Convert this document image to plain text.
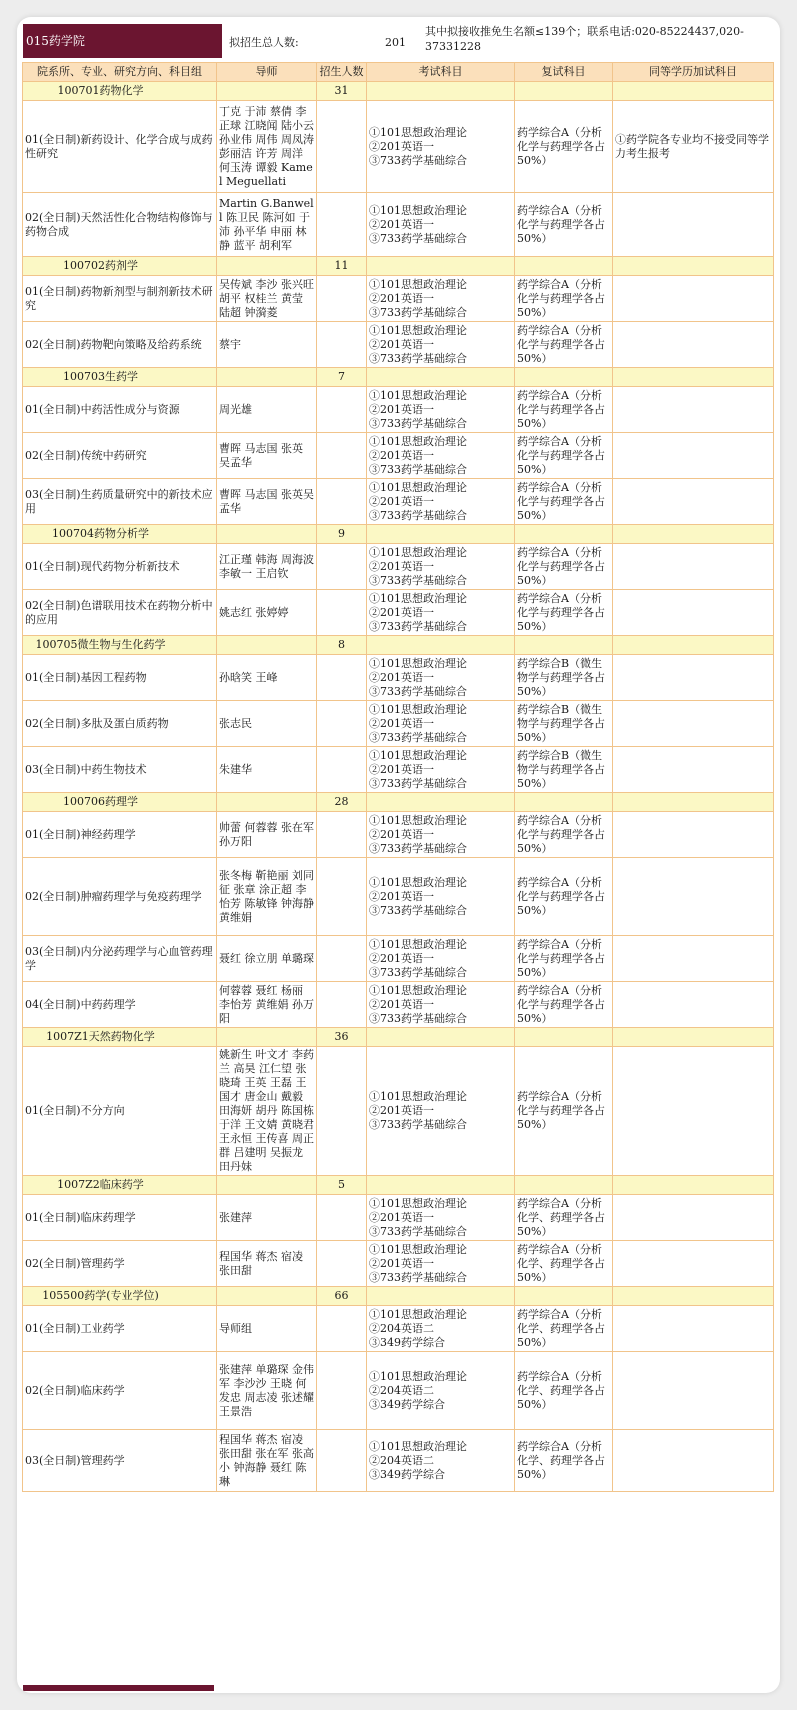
015药学院	拟招生总人数:	201
其中拟接收推免生名额≤139个；联系电话:020-85224437,020-37331228
院系所、专业、研究方向、科目组	导师	招生人数	考试科目	复试科目	同等学历加试科目
100701药物化学		31			
01(全日制)新药设计、化学合成与成药性研究	丁克 于沛 蔡倩 李正球 江晓闻 陆小云 孙业伟 周伟 周凤涛 彭丽洁 许芳 周洋 何玉涛 谭毅 Kamel Meguellati		①101思想政治理论
②201英语一
③733药学基础综合	药学综合A（分析化学与药理学各占50%）	①药学院各专业均不接受同等学力考生报考
02(全日制)天然活性化合物结构修饰与药物合成	Martin G.Banwell 陈卫民 陈河如 于沛 孙平华 申丽 林静 蓝平 胡利军		①101思想政治理论
②201英语一
③733药学基础综合	药学综合A（分析化学与药理学各占50%）	
100702药剂学		11			
01(全日制)药物新剂型与制剂新技术研究	吴传斌 李沙 张兴旺 胡平 权桂兰 黄莹 陆超 钟漪菱		①101思想政治理论
②201英语一
③733药学基础综合	药学综合A（分析化学与药理学各占50%）	
02(全日制)药物靶向策略及给药系统	蔡宇		①101思想政治理论
②201英语一
③733药学基础综合	药学综合A（分析化学与药理学各占50%）	
100703生药学		7			
01(全日制)中药活性成分与资源	周光雄		①101思想政治理论
②201英语一
③733药学基础综合	药学综合A（分析化学与药理学各占50%）	
02(全日制)传统中药研究	曹晖 马志国 张英 吴孟华		①101思想政治理论
②201英语一
③733药学基础综合	药学综合A（分析化学与药理学各占50%）	
03(全日制)生药质量研究中的新技术应用	曹晖 马志国 张英吴孟华		①101思想政治理论
②201英语一
③733药学基础综合	药学综合A（分析化学与药理学各占50%）	
100704药物分析学		9			
01(全日制)现代药物分析新技术	江正瑾 韩海 周海波 李敏一 王启钦		①101思想政治理论
②201英语一
③733药学基础综合	药学综合A（分析化学与药理学各占50%）	
02(全日制)色谱联用技术在药物分析中的应用	姚志红 张婷婷		①101思想政治理论
②201英语一
③733药学基础综合	药学综合A（分析化学与药理学各占50%）	
100705微生物与生化药学		8			
01(全日制)基因工程药物	孙晗笑 王峰		①101思想政治理论
②201英语一
③733药学基础综合	药学综合B（微生物学与药理学各占50%）	
02(全日制)多肽及蛋白质药物	张志民		①101思想政治理论
②201英语一
③733药学基础综合	药学综合B（微生物学与药理学各占50%）	
03(全日制)中药生物技术	朱建华		①101思想政治理论
②201英语一
③733药学基础综合	药学综合B（微生物学与药理学各占50%）	
100706药理学		28			
01(全日制)神经药理学	帅蕾 何蓉蓉 张在军 孙万阳		①101思想政治理论
②201英语一
③733药学基础综合	药学综合A（分析化学与药理学各占50%）	
02(全日制)肿瘤药理学与免疫药理学	张冬梅 靳艳丽 刘同征 张章 涂正超 李怡芳 陈敏锋 钟海静 黄维娟		①101思想政治理论
②201英语一
③733药学基础综合	药学综合A（分析化学与药理学各占50%）	
03(全日制)内分泌药理学与心血管药理学	聂红 徐立朋 单璐琛		①101思想政治理论
②201英语一
③733药学基础综合	药学综合A（分析化学与药理学各占50%）	
04(全日制)中药药理学	何蓉蓉 聂红 杨丽 李怡芳 黄维娟 孙万阳		①101思想政治理论
②201英语一
③733药学基础综合	药学综合A（分析化学与药理学各占50%）	
1007Z1天然药物化学		36			
01(全日制)不分方向	姚新生 叶文才 李药兰 高昊 江仁望 张晓琦 王英 王磊 王国才 唐金山 戴毅 田海妍 胡丹 陈国栋 于洋 王文婧 黄晓君 王永恒 王传喜 周正群 吕建明 吴振龙 田丹妹		①101思想政治理论
②201英语一
③733药学基础综合	药学综合A（分析化学与药理学各占50%）	
1007Z2临床药学		5			
01(全日制)临床药理学	张建萍		①101思想政治理论
②201英语一
③733药学基础综合	药学综合A（分析化学、药理学各占50%）	
02(全日制)管理药学	程国华 蒋杰 宿凌 张田甜		①101思想政治理论
②201英语一
③733药学基础综合	药学综合A（分析化学、药理学各占50%）	
105500药学(专业学位)		66			
01(全日制)工业药学	导师组		①101思想政治理论
②204英语二
③349药学综合	药学综合A（分析化学、药理学各占50%）	
02(全日制)临床药学	张建萍 单璐琛 金伟军 李沙沙 王晓 何发忠 周志凌 张述耀 王景浩		①101思想政治理论
②204英语二
③349药学综合	药学综合A（分析化学、药理学各占50%）	
03(全日制)管理药学	程国华 蒋杰 宿凌 张田甜 张在军 张高小 钟海静 聂红 陈琳		①101思想政治理论
②204英语二
③349药学综合	药学综合A（分析化学、药理学各占50%）	
